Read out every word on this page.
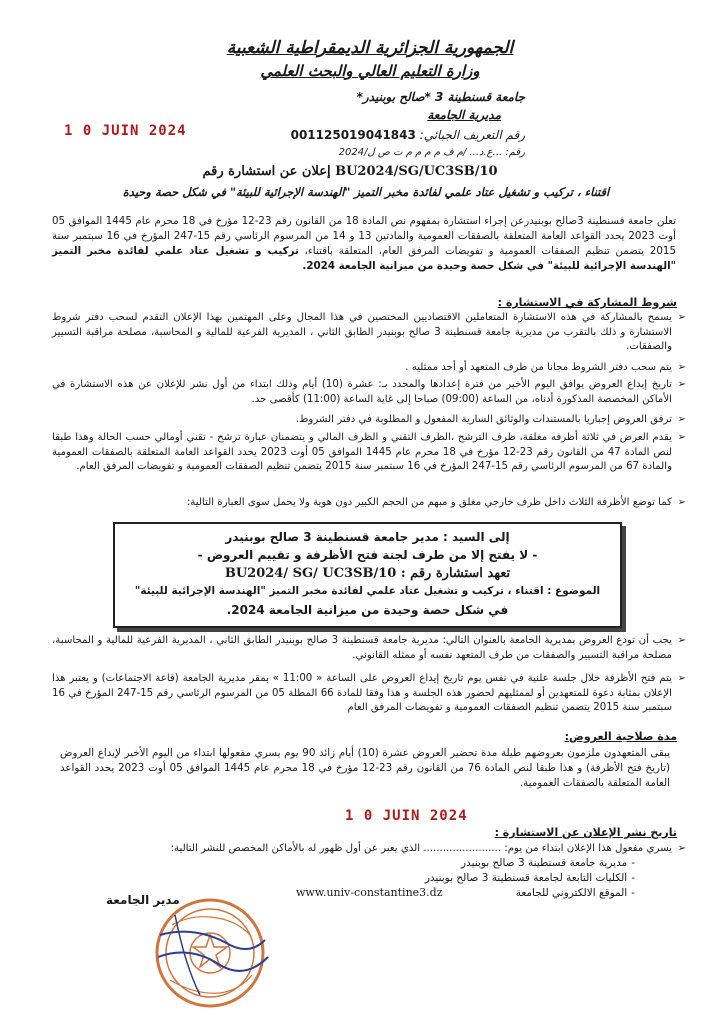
الجمهورية الجزائرية الديمقراطية الشعبية
وزارة التعليم العالي والبحث العلمي
جامعة قسنطينة 3 *صالح بوبنيدر*
مديرية الجامعة
1 0 JUIN 2024	رقم التعريف الجبائي: 001125019041843
رقم: ...ع.د... /م ف م م م م ت ص ل/2024
إعلان عن استشارة رقم BU2024/SG/UC3SB/10
اقتناء ، تركيب و تشغيل عتاد علمي لفائدة مخبر التميز "الهندسة الإجرائية للبيئة" في شكل حصة وحيدة
تعلن جامعة قسنطينة 3صالح بوبنيدرعن إجراء استشارة بمفهوم نص المادة 18 من القانون رقم 23-12 مؤرخ في 18 محرم عام 1445 الموافق 05 أوت 2023 يحدد القواعد العامة المتعلقة بالصفقات العمومية والمادتين 13 و 14 من المرسوم الرئاسي رقم 15-247 المؤرخ في 16 سبتمبر سنة 2015 يتضمن تنظيم الصفقات العمومية و تفويضات المرفق العام، المتعلقة باقتناء، تركيب و تشغيل عتاد علمي لفائدة مخبر التميز "الهندسة الإجرائية للبيئة" في شكل حصة وحيدة من ميزانية الجامعة 2024.
شروط المشاركة في الاستشارة :
➢ يسمح بالمشاركة في هذه الاستشارة المتعاملين الاقتصاديين المختصين في هذا المجال وعلى المهتمين بهذا الإعلان التقدم لسحب دفتر شروط الاستشارة و ذلك بالتقرب من مديرية جامعة قسنطينة 3 صالح بوبنيدر الطابق الثاني ، المديرية الفرعية للمالية و المحاسبة، مصلحة مراقبة التسيير والصفقات.
➢ يتم سحب دفتر الشروط مجانا من طرف المتعهد أو أحد ممثليه .
➢ تاريخ إيداع العروض يوافق اليوم الأخير من فترة إعدادها والمحدد بـ: عشرة (10) أيام وذلك ابتداء من أول نشر للإعلان عن هذه الاستشارة في الأماكن المخصصة المذكورة أدناه، من الساعة (09:00) صباحا إلى غاية الساعة (11:00) كأقصى حد.
➢ ترفق العروض إجباريا بالمستندات والوثائق السارية المفعول و المطلوبة في دفتر الشروط.
➢ يقدم العرض في ثلاثة أظرفه مغلقة، ظرف الترشح ،الظرف التقني و الظرف المالي و يتضمنان عبارة ترشح - تقني أومالي حسب الحالة وهذا طبقا لنص المادة 47 من القانون رقم 23-12 مؤرخ في 18 محرم عام 1445 الموافق 05 أوت 2023 يحدد القواعد العامة المتعلقة بالصفقات العمومية والمادة 67 من المرسوم الرئاسي رقم 15-247 المؤرخ في 16 سبتمبر سنة 2015 يتضمن تنظيم الصفقات العمومية و تفويضات المرفق العام.
➢ كما توضع الأظرفة الثلاث داخل ظرف خارجي مغلق و مبهم من الحجم الكبير دون هوية ولا يحمل سوى العبارة التالية:
إلى السيد : مدير جامعة قسنطينة 3 صالح بوبنيدر
- لا يفتح إلا من طرف لجنة فتح الأظرفة و تقييم العروض -
تعهد استشارة رقم : BU2024/ SG/ UC3SB/10
الموضوع : اقتناء ، تركيب و تشغيل عتاد علمي لفائدة مخبر التميز "الهندسة الإجرائية للبيئة"
في شكل حصة وحيدة من ميزانية الجامعة 2024.
➢ يجب أن تودع العروض بمديرية الجامعة بالعنوان التالي: مديرية جامعة قسنطينة 3 صالح بوبنيدر الطابق الثاني ، المديرية الفرعية للمالية و المحاسبة، مصلحة مراقبة التسيير والصفقات من طرف المتعهد نفسه أو ممثله القانوني.
➢ يتم فتح الأظرفة خلال جلسة علنية في نفس يوم تاريخ إيداع العروض على الساعة « 11:00 » بمقر مديرية الجامعة (قاعة الاجتماعات) و يعتبر هذا الإعلان بمثابة دعوة للمتعهدين أو لممثليهم لحضور هذه الجلسة و هذا وفقا للمادة 66 المطلة 05 من المرسوم الرئاسي رقم 15-247 المؤرخ في 16 سبتمبر سنة 2015 يتضمن تنظيم الصفقات العمومية و تفويضات المرفق العام
مدة صلاحية العروض:
يبقى المتعهدون ملزمون بعروضهم طيلة مدة تحضير العروض عشرة (10) أيام زائد 90 يوم يسري مفعولها ابتداء من اليوم الأخير لإيداع العروض (تاريخ فتح الأظرفة) و هذا طبقا لنص المادة 76 من القانون رقم 23-12 مؤرخ في 18 محرم عام 1445 الموافق 05 أوت 2023 يحدد القواعد العامة المتعلقة بالصفقات العمومية.
1 0 JUIN 2024
تاريخ نشر الإعلان عن الاستشارة :
➢ يسري مفعول هذا الإعلان ابتداء من يوم: ........................ الذي يعبر عن أول ظهور له بالأماكن المخصص للنشر التالية:
- مديرية جامعة قسنطينة 3 صالح بوبنيدر
- الكليات التابعة لجامعة قسنطينة 3 صالح بوبنيدر
- الموقع الالكتروني للجامعة
www.univ-constantine3.dz
مدير الجامعة
